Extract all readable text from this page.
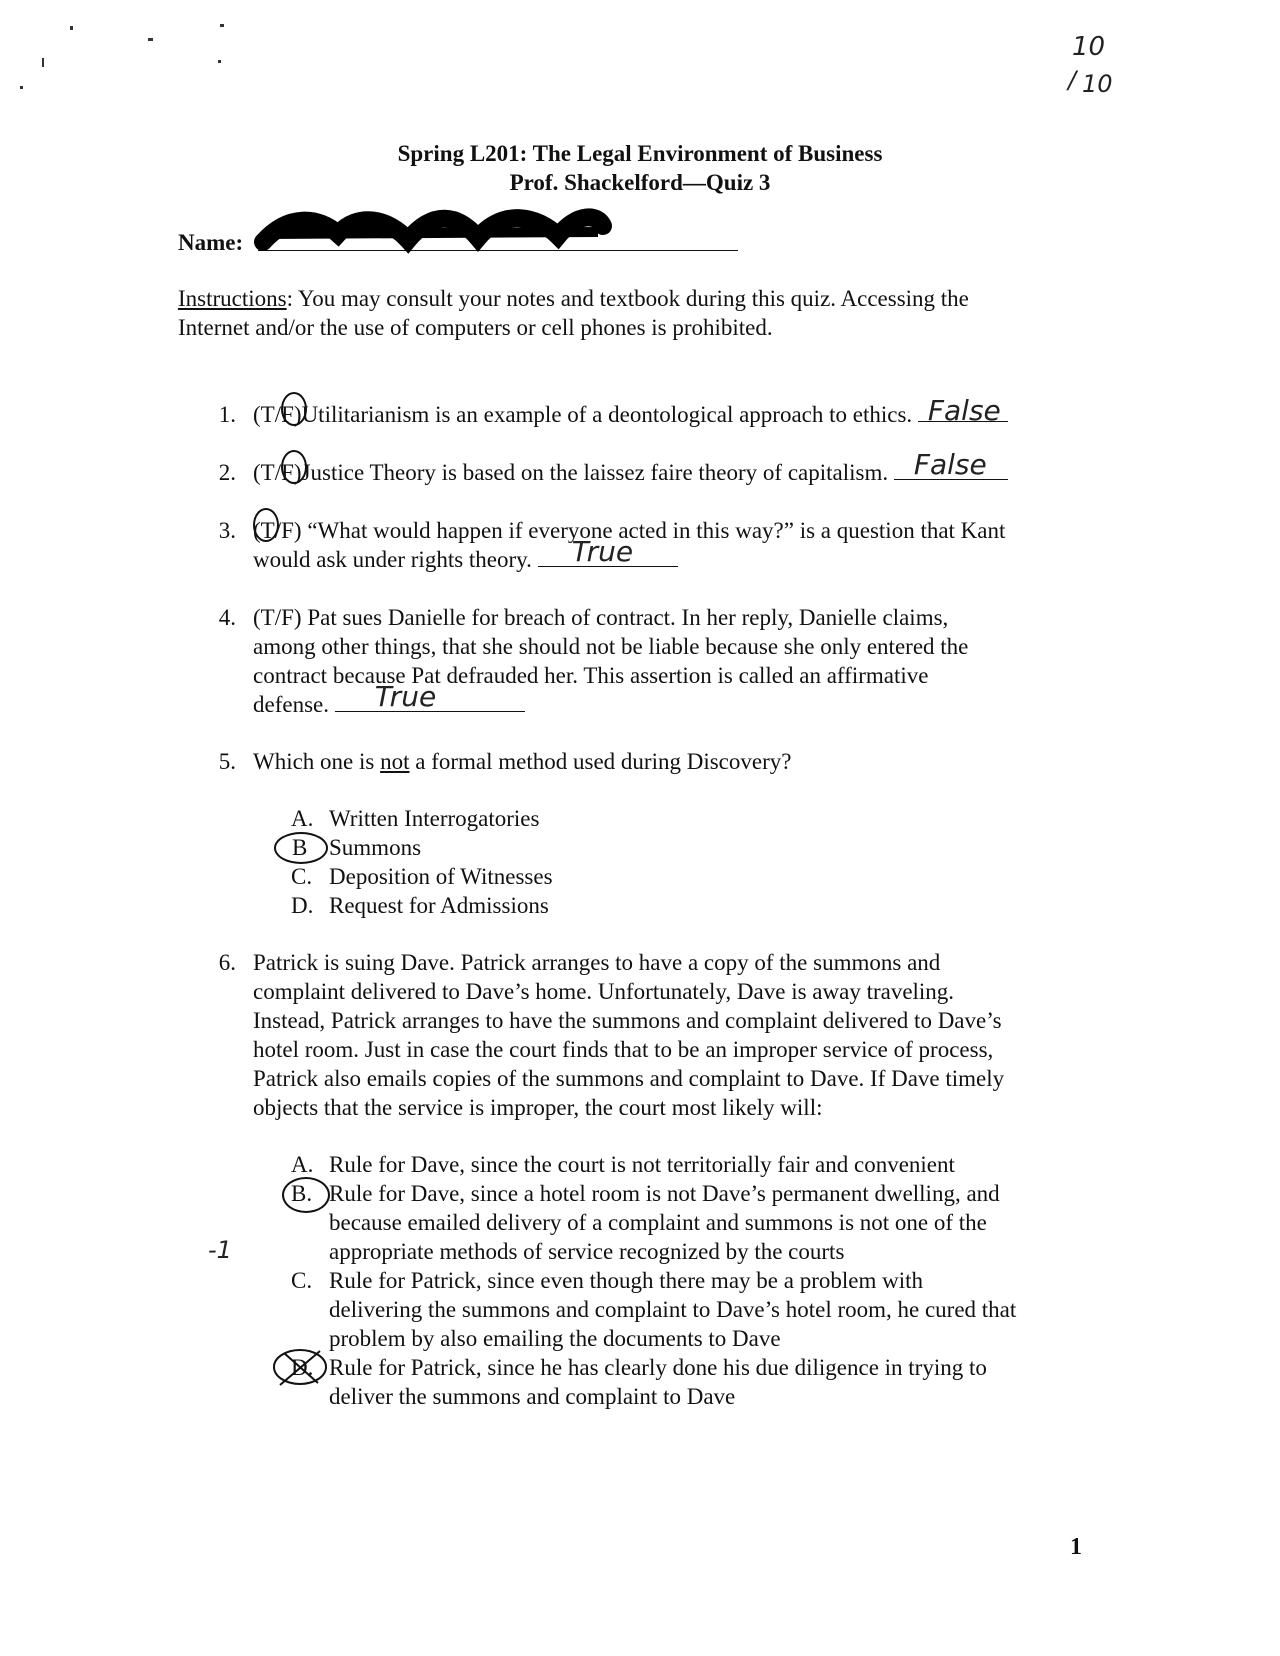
10
/ 10
Spring L201: The Legal Environment of Business
Prof. Shackelford—Quiz 3
Name:
Instructions: You may consult your notes and textbook during this quiz. Accessing the
Internet and/or the use of computers or cell phones is prohibited.
1. (T/F)Utilitarianism is an example of a deontological approach to ethics. False
2. (T/F)Justice Theory is based on the laissez faire theory of capitalism. False
3. (T/F) “What would happen if everyone acted in this way?” is a question that Kant
would ask under rights theory. True
4. (T/F) Pat sues Danielle for breach of contract. In her reply, Danielle claims,
among other things, that she should not be liable because she only entered the
contract because Pat defrauded her. This assertion is called an affirmative
defense. True
5. Which one is not a formal method used during Discovery?
A. Written Interrogatories
B Summons
C. Deposition of Witnesses
D. Request for Admissions
6. Patrick is suing Dave. Patrick arranges to have a copy of the summons and
complaint delivered to Dave’s home. Unfortunately, Dave is away traveling.
Instead, Patrick arranges to have the summons and complaint delivered to Dave’s
hotel room. Just in case the court finds that to be an improper service of process,
Patrick also emails copies of the summons and complaint to Dave. If Dave timely
objects that the service is improper, the court most likely will:
A. Rule for Dave, since the court is not territorially fair and convenient
B. Rule for Dave, since a hotel room is not Dave’s permanent dwelling, and
because emailed delivery of a complaint and summons is not one of the
appropriate methods of service recognized by the courts
C. Rule for Patrick, since even though there may be a problem with
delivering the summons and complaint to Dave’s hotel room, he cured that
problem by also emailing the documents to Dave
D. Rule for Patrick, since he has clearly done his due diligence in trying to
deliver the summons and complaint to Dave
-1
1
